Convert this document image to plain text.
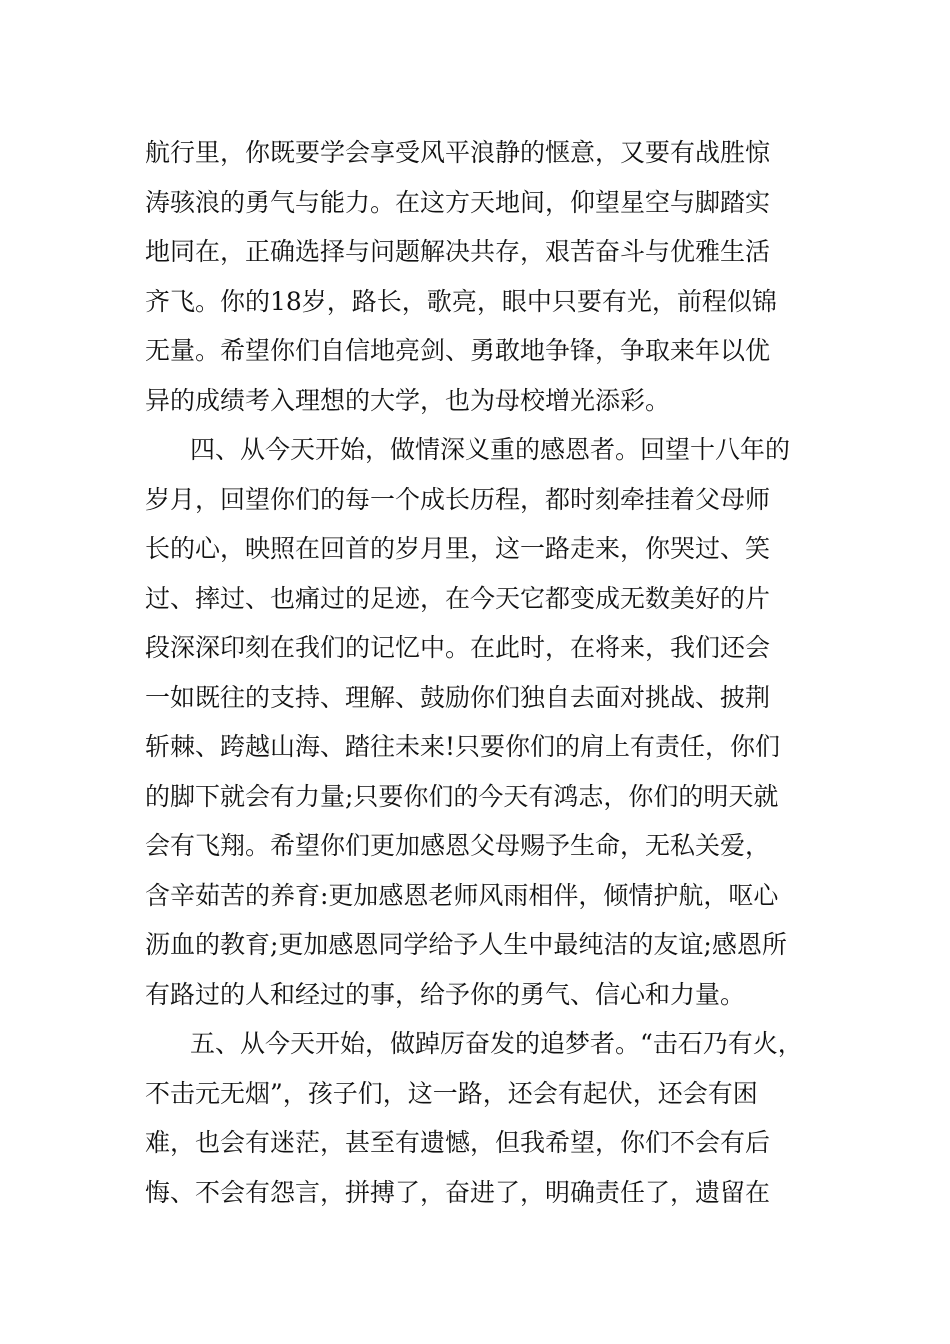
航行里，你既要学会享受风平浪静的惬意，又要有战胜惊
涛骇浪的勇气与能力。在这方天地间，仰望星空与脚踏实
地同在，正确选择与问题解决共存，艰苦奋斗与优雅生活
齐飞。你的18岁，路长，歌亮，眼中只要有光，前程似锦
无量。希望你们自信地亮剑、勇敢地争锋，争取来年以优
异的成绩考入理想的大学，也为母校增光添彩。
四、从今天开始，做情深义重的感恩者。回望十八年的
岁月，回望你们的每一个成长历程，都时刻牵挂着父母师
长的心，映照在回首的岁月里，这一路走来，你哭过、笑
过、摔过、也痛过的足迹，在今天它都变成无数美好的片
段深深印刻在我们的记忆中。在此时，在将来，我们还会
一如既往的支持、理解、鼓励你们独自去面对挑战、披荆
斩棘、跨越山海、踏往未来!只要你们的肩上有责任，你们
的脚下就会有力量;只要你们的今天有鸿志，你们的明天就
会有飞翔。希望你们更加感恩父母赐予生命，无私关爱，
含辛茹苦的养育:更加感恩老师风雨相伴，倾情护航，呕心
沥血的教育;更加感恩同学给予人生中最纯洁的友谊;感恩所
有路过的人和经过的事，给予你的勇气、信心和力量。
五、从今天开始，做踔厉奋发的追梦者。“击石乃有火，
不击元无烟”，孩子们，这一路，还会有起伏，还会有困
难，也会有迷茫，甚至有遗憾，但我希望，你们不会有后
悔、不会有怨言，拼搏了，奋进了，明确责任了，遗留在
